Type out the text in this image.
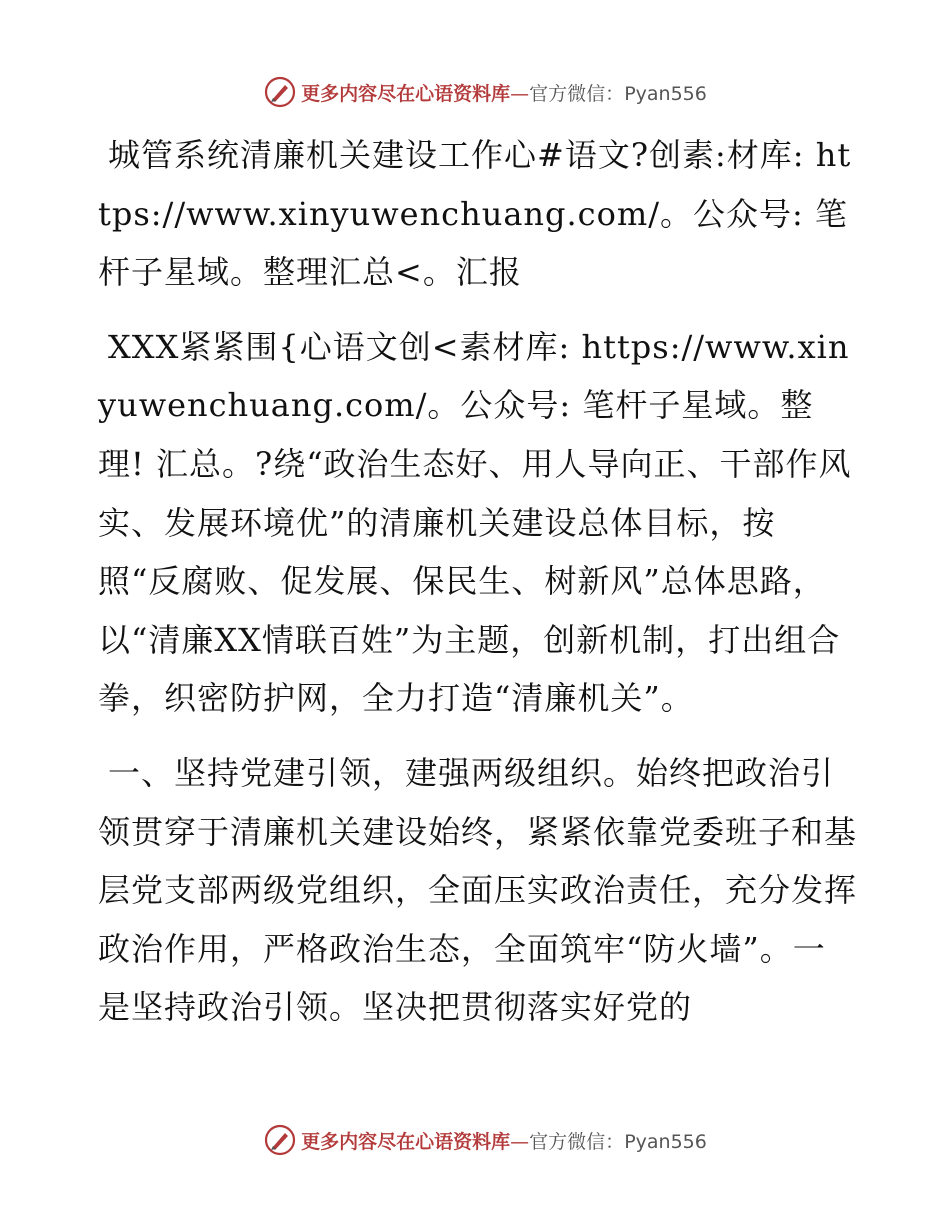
更多内容尽在心语资料库—官方微信：Pyan556

城管系统清廉机关建设工作心#语文?创素:材库: https://www.xinyuwenchuang.com/。公众号: 笔杆子星域。整理汇总<。汇报

XXX紧紧围{心语文创<素材库: https://www.xinyuwenchuang.com/。公众号: 笔杆子星域。整理! 汇总。?绕“政治生态好、用人导向正、干部作风实、发展环境优”的清廉机关建设总体目标，按照“反腐败、促发展、保民生、树新风”总体思路，以“清廉XX情联百姓”为主题，创新机制，打出组合拳，织密防护网，全力打造“清廉机关”。

一、坚持党建引领，建强两级组织。始终把政治引领贯穿于清廉机关建设始终，紧紧依靠党委班子和基层党支部两级党组织，全面压实政治责任，充分发挥政治作用，严格政治生态，全面筑牢“防火墙”。一是坚持政治引领。坚决把贯彻落实好党的

更多内容尽在心语资料库—官方微信：Pyan556
